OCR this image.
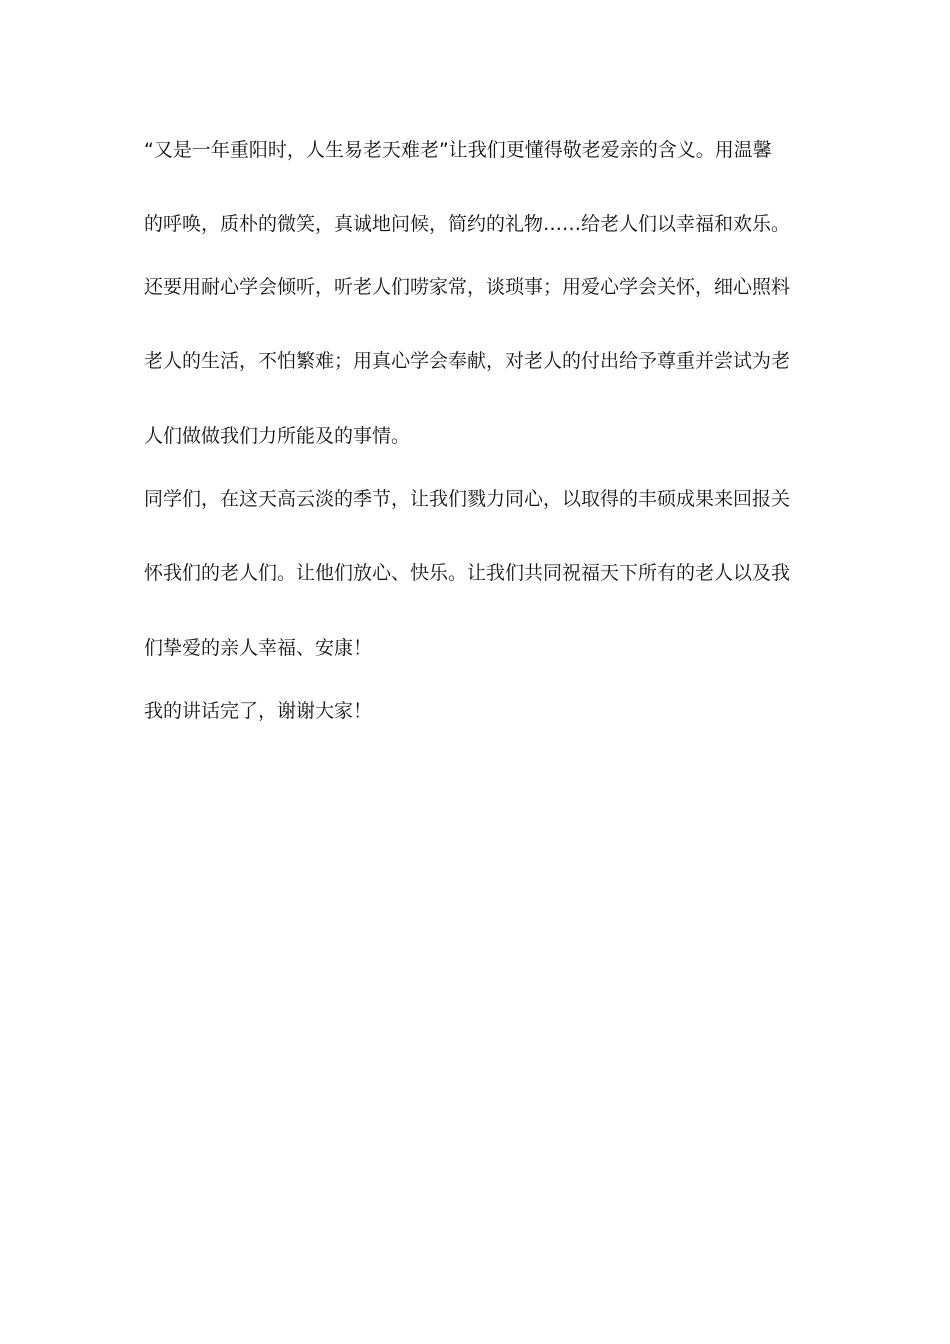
“又是一年重阳时，人生易老天难老”让我们更懂得敬老爱亲的含义。用温馨
的呼唤，质朴的微笑，真诚地问候，简约的礼物……给老人们以幸福和欢乐。
还要用耐心学会倾听，听老人们唠家常，谈琐事；用爱心学会关怀，细心照料
老人的生活，不怕繁难；用真心学会奉献，对老人的付出给予尊重并尝试为老
人们做做我们力所能及的事情。
同学们，在这天高云淡的季节，让我们戮力同心，以取得的丰硕成果来回报关
怀我们的老人们。让他们放心、快乐。让我们共同祝福天下所有的老人以及我
们挚爱的亲人幸福、安康！
我的讲话完了，谢谢大家！
